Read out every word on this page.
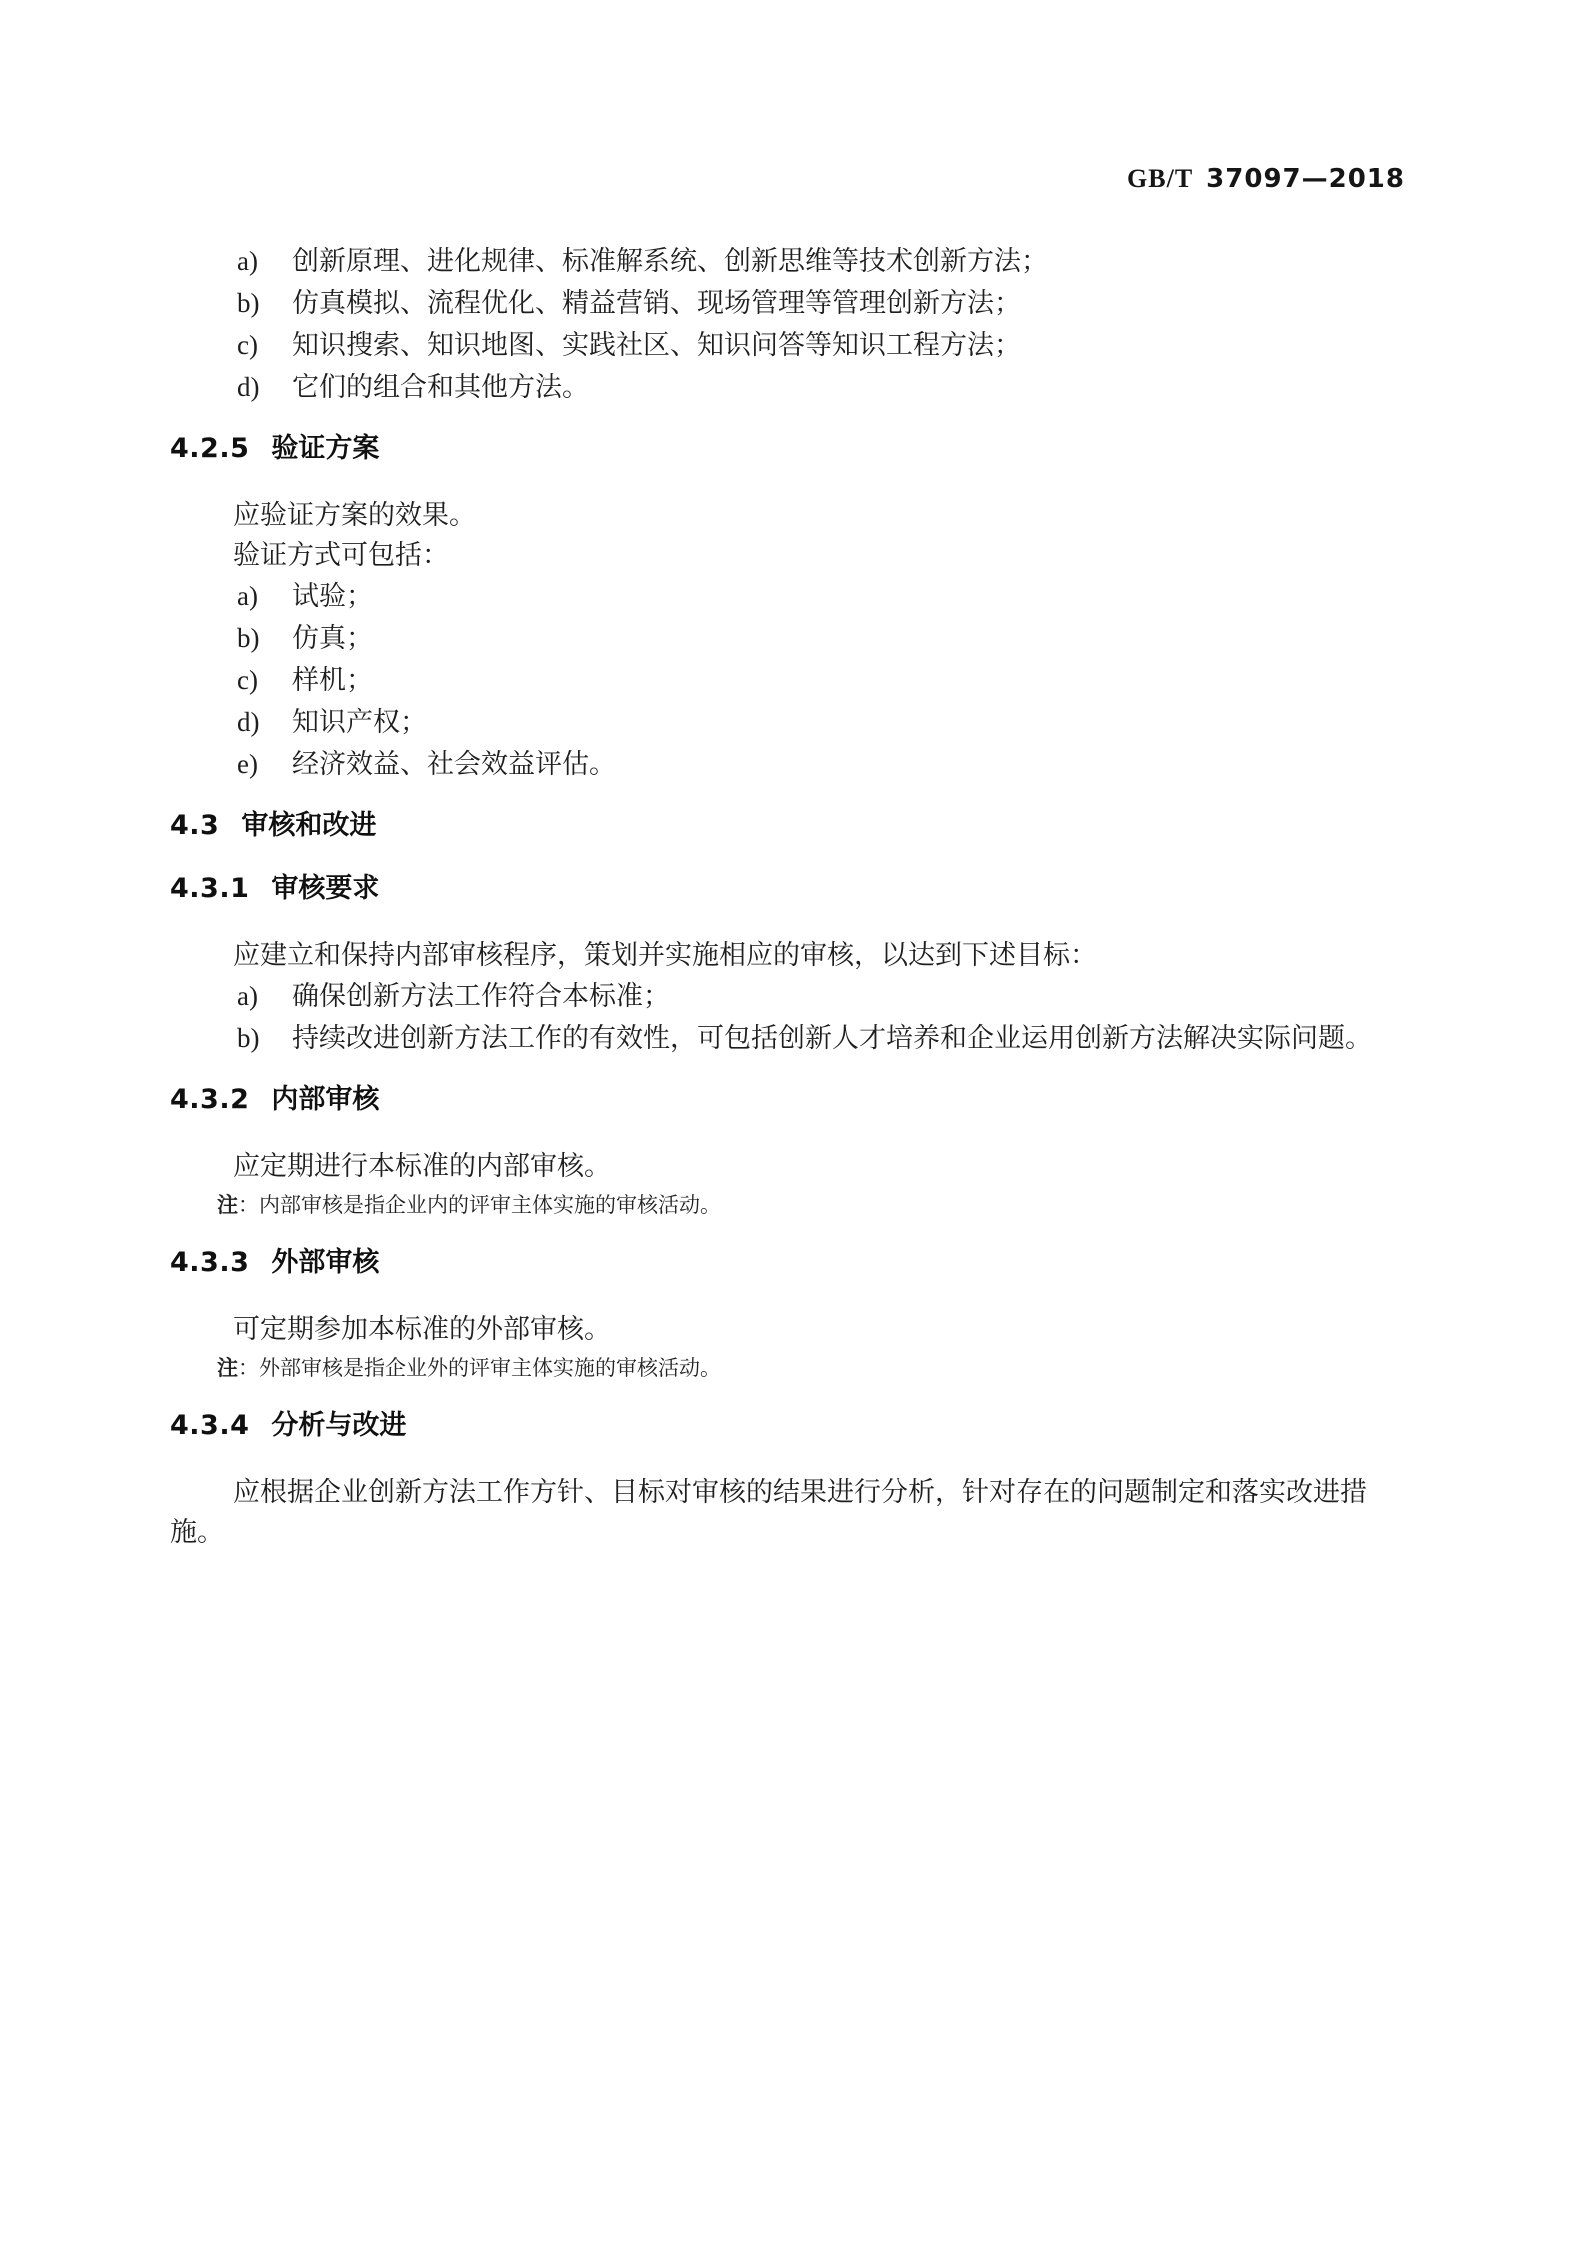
GB/T 37097—2018
a)	创新原理、进化规律、标准解系统、创新思维等技术创新方法；
b)	仿真模拟、流程优化、精益营销、现场管理等管理创新方法；
c)	知识搜索、知识地图、实践社区、知识问答等知识工程方法；
d)	它们的组合和其他方法。
4.2.5 验证方案

应验证方案的效果。

验证方式可包括：

a)	试验；
b)	仿真；
c)	样机；
d)	知识产权；
e)	经济效益、社会效益评估。
4.3 审核和改进
4.3.1 审核要求

应建立和保持内部审核程序，策划并实施相应的审核，以达到下述目标：

a)	确保创新方法工作符合本标准；
b)	持续改进创新方法工作的有效性，可包括创新人才培养和企业运用创新方法解决实际问题。
4.3.2 内部审核

应定期进行本标准的内部审核。

注：内部审核是指企业内的评审主体实施的审核活动。

4.3.3 外部审核

可定期参加本标准的外部审核。

注：外部审核是指企业外的评审主体实施的审核活动。

4.3.4 分析与改进

应根据企业创新方法工作方针、目标对审核的结果进行分析，针对存在的问题制定和落实改进措施。
